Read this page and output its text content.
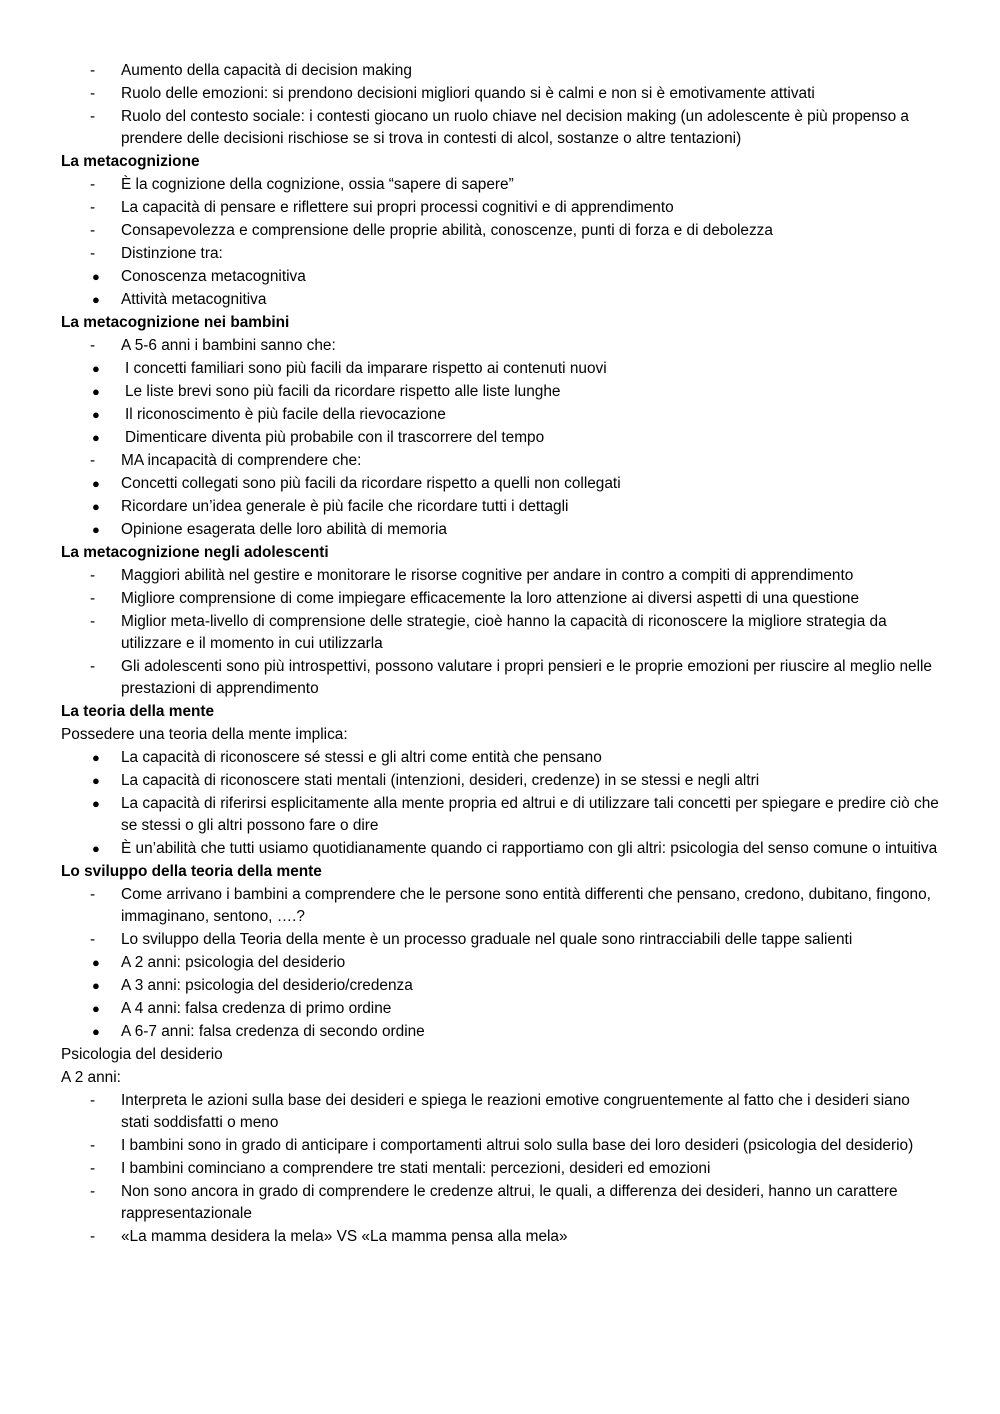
-	Aumento della capacità di decision making
-	Ruolo delle emozioni: si prendono decisioni migliori quando si è calmi e non si è emotivamente attivati
-	Ruolo del contesto sociale: i contesti giocano un ruolo chiave nel decision making (un adolescente è più propenso a prendere delle decisioni rischiose se si trova in contesti di alcol, sostanze o altre tentazioni)
La metacognizione
-	È la cognizione della cognizione, ossia “sapere di sapere”
-	La capacità di pensare e riflettere sui propri processi cognitivi e di apprendimento
-	Consapevolezza e comprensione delle proprie abilità, conoscenze, punti di forza e di debolezza
-	Distinzione tra:
●	Conoscenza metacognitiva
●	Attività metacognitiva
La metacognizione nei bambini
-	A 5-6 anni i bambini sanno che:
●	I concetti familiari sono più facili da imparare rispetto ai contenuti nuovi
●	Le liste brevi sono più facili da ricordare rispetto alle liste lunghe
●	Il riconoscimento è più facile della rievocazione
●	Dimenticare diventa più probabile con il trascorrere del tempo
-	MA incapacità di comprendere che:
●	Concetti collegati sono più facili da ricordare rispetto a quelli non collegati
●	Ricordare un’idea generale è più facile che ricordare tutti i dettagli
●	Opinione esagerata delle loro abilità di memoria
La metacognizione negli adolescenti
-	Maggiori abilità nel gestire e monitorare le risorse cognitive per andare in contro a compiti di apprendimento
-	Migliore comprensione di come impiegare efficacemente la loro attenzione ai diversi aspetti di una questione
-	Miglior meta-livello di comprensione delle strategie, cioè hanno la capacità di riconoscere la migliore strategia da utilizzare e il momento in cui utilizzarla
-	Gli adolescenti sono più introspettivi, possono valutare i propri pensieri e le proprie emozioni per riuscire al meglio nelle prestazioni di apprendimento
La teoria della mente
Possedere una teoria della mente implica:
●	La capacità di riconoscere sé stessi e gli altri come entità che pensano
●	La capacità di riconoscere stati mentali (intenzioni, desideri, credenze) in se stessi e negli altri
●	La capacità di riferirsi esplicitamente alla mente propria ed altrui e di utilizzare tali concetti per spiegare e predire ciò che se stessi o gli altri possono fare o dire
●	È un’abilità che tutti usiamo quotidianamente quando ci rapportiamo con gli altri: psicologia del senso comune o intuitiva
Lo sviluppo della teoria della mente
-	Come arrivano i bambini a comprendere che le persone sono entità differenti che pensano, credono, dubitano, fingono, immaginano, sentono, ….?
-	Lo sviluppo della Teoria della mente è un processo graduale nel quale sono rintracciabili delle tappe salienti
●	A 2 anni: psicologia del desiderio
●	A 3 anni: psicologia del desiderio/credenza
●	A 4 anni: falsa credenza di primo ordine
●	A 6-7 anni: falsa credenza di secondo ordine
Psicologia del desiderio
A 2 anni:
-	Interpreta le azioni sulla base dei desideri e spiega le reazioni emotive congruentemente al fatto che i desideri siano stati soddisfatti o meno
-	I bambini sono in grado di anticipare i comportamenti altrui solo sulla base dei loro desideri (psicologia del desiderio)
-	I bambini cominciano a comprendere tre stati mentali: percezioni, desideri ed emozioni
-	Non sono ancora in grado di comprendere le credenze altrui, le quali, a differenza dei desideri, hanno un carattere rappresentazionale
-	«La mamma desidera la mela» VS «La mamma pensa alla mela»
